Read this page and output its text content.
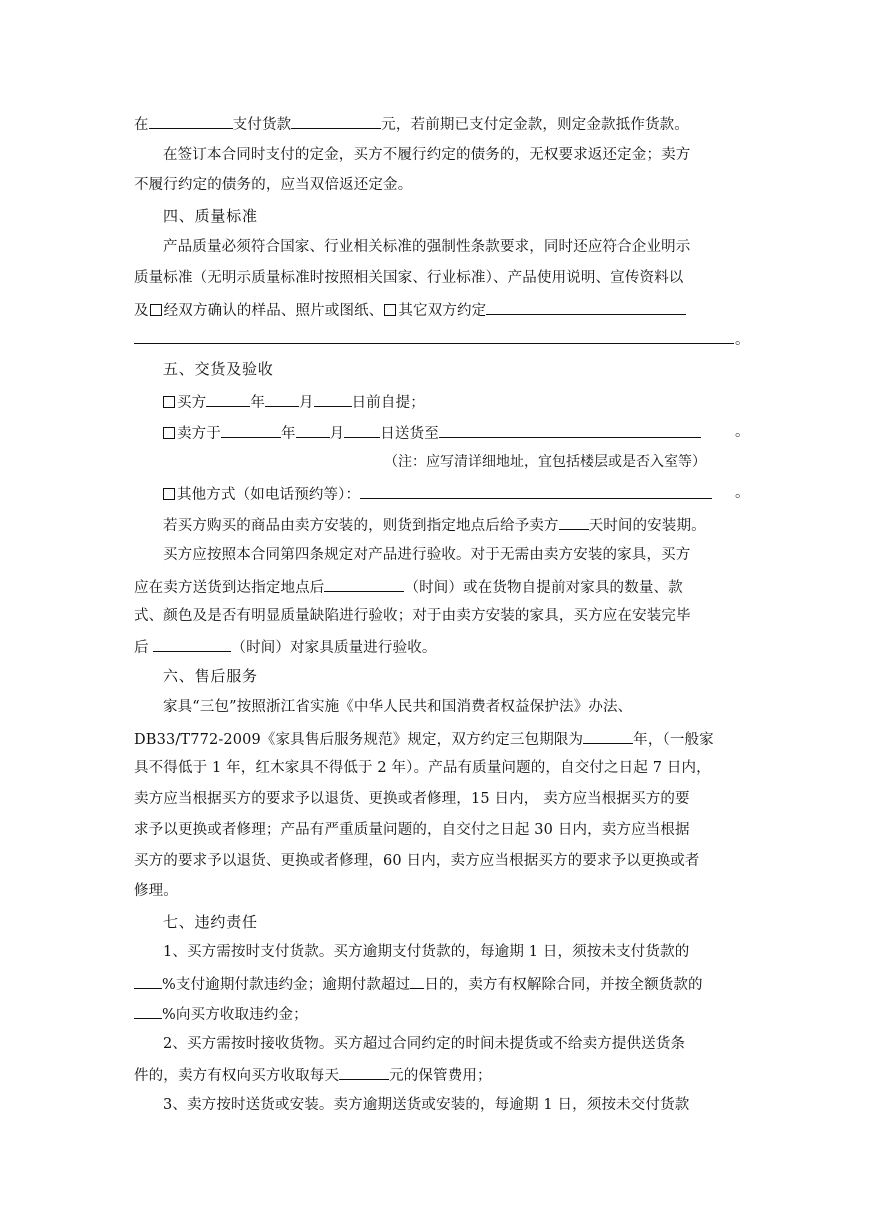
在	支付货款	元，若前期已支付定金款，则定金款抵作货款。
在签订本合同时支付的定金，买方不履行约定的债务的，无权要求返还定金；卖方
不履行约定的债务的，应当双倍返还定金。
四、质量标准
产品质量必须符合国家、行业相关标准的强制性条款要求，同时还应符合企业明示
质量标准（无明示质量标准时按照相关国家、行业标准）、产品使用说明、宣传资料以
及 经双方确认的样品、照片或图纸、 其它双方约定
。
五、交货及验收
买方	年 月	日前自提；
卖方于	年 月 日送货至	。
（注：应写清详细地址，宜包括楼层或是否入室等）
其他方式（如电话预约等）：	。
若买方购买的商品由卖方安装的，则货到指定地点后给予卖方 天时间的安装期。
买方应按照本合同第四条规定对产品进行验收。对于无需由卖方安装的家具，买方
应在卖方送货到达指定地点后	（时间）或在货物自提前对家具的数量、款
式、颜色及是否有明显质量缺陷进行验收；对于由卖方安装的家具，买方应在安装完毕
后	（时间）对家具质量进行验收。
六、售后服务
家具“三包”按照浙江省实施《中华人民共和国消费者权益保护法》办法、
DB33/T772-2009《家具售后服务规范》规定，双方约定三包期限为	年，（一般家
具不得低于 1 年，红木家具不得低于 2 年）。产品有质量问题的，自交付之日起 7 日内，
卖方应当根据买方的要求予以退货、更换或者修理，15 日内， 卖方应当根据买方的要
求予以更换或者修理；产品有严重质量问题的，自交付之日起 30 日内，卖方应当根据
买方的要求予以退货、更换或者修理，60 日内，卖方应当根据买方的要求予以更换或者
修理。
七、违约责任
1、买方需按时支付货款。买方逾期支付货款的，每逾期 1 日，须按未支付货款的
%支付逾期付款违约金；逾期付款超过 日的，卖方有权解除合同，并按全额货款的
%向买方收取违约金；
2、买方需按时接收货物。买方超过合同约定的时间未提货或不给卖方提供送货条
件的，卖方有权向买方收取每天	元的保管费用；
3、卖方按时送货或安装。卖方逾期送货或安装的，每逾期 1 日，须按未交付货款
